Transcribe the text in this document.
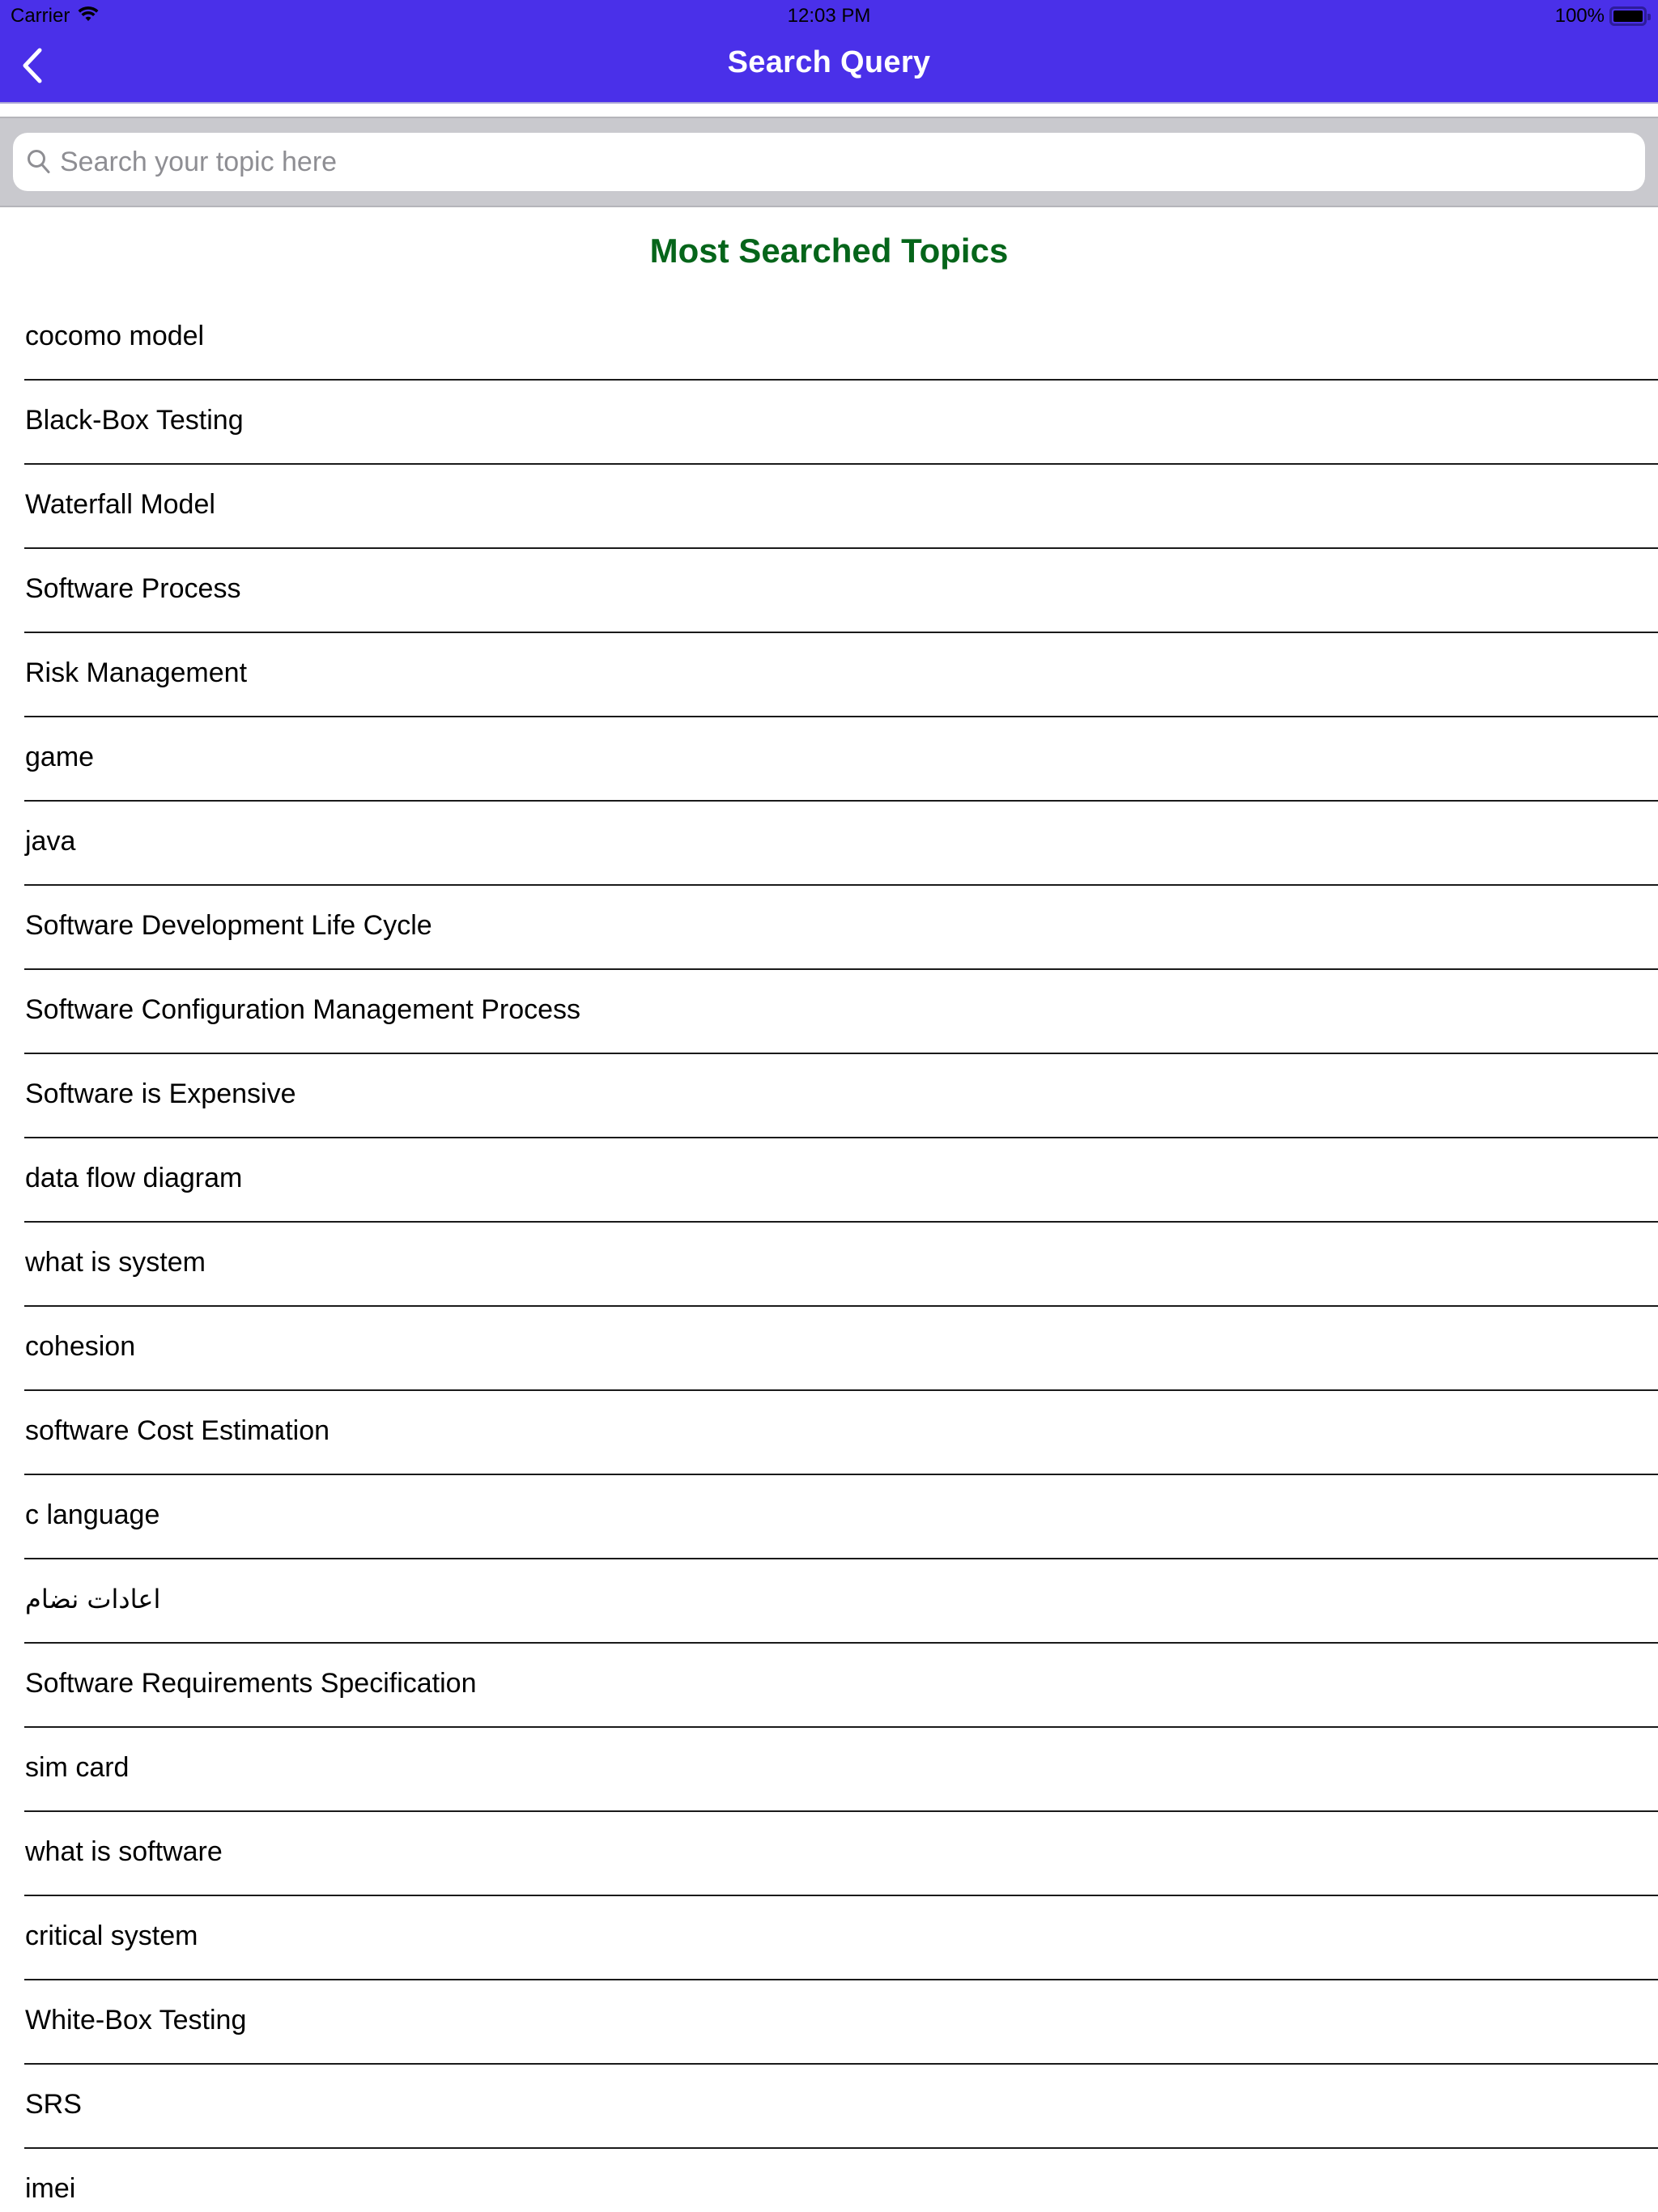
Carrier	12:03 PM	100%
Search Query
Search your topic here
Most Searched Topics
cocomo model
Black-Box Testing
Waterfall Model
Software Process
Risk Management
game
java
Software Development Life Cycle
Software Configuration Management Process
Software is Expensive
data flow diagram
what is system
cohesion
software Cost Estimation
c language
اعادات نضام
Software Requirements Specification
sim card
what is software
critical system
White-Box Testing
SRS
imei
